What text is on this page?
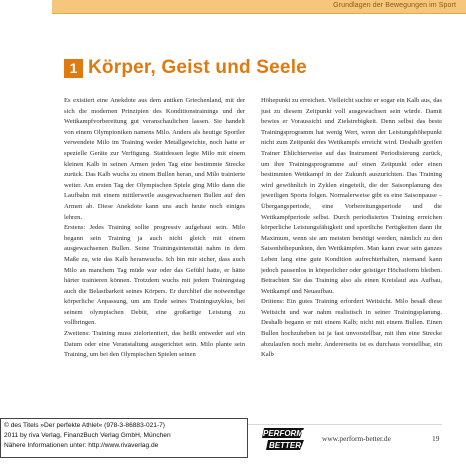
Grundlagen der Bewegungen im Sport
1 Körper, Geist und Seele

Es existiert eine Anekdote aus dem antiken Griechenland, mit der sich die modernen Prinzipien des Konditionstrainings und der Wettkampfvorbereitung gut veranschaulichen lassen. Sie handelt von einem Olympioniken namens Milo. Anders als heutige Sportler verwendete Milo im Training weder Metallgewichte, noch hatte er spezielle Geräte zur Verfügung. Stattdessen legte Milo mit einem kleinen Kalb in seinen Armen jeden Tag eine bestimmte Strecke zurück. Das Kalb wuchs zu einem Bullen heran, und Milo trainierte weiter. Am ersten Tag der Olympischen Spiele ging Milo dann die Laufbahn mit einem mittlerweile ausgewachsenen Bullen auf den Armen ab. Diese Anekdote kann uns auch heute noch einiges lehren.

Erstens: Jedes Training sollte progressiv aufgebaut sein. Milo begann sein Training ja auch nicht gleich mit einem ausgewachsenen Bullen. Seine Trainingsintensität nahm in dem Maße zu, wie das Kalb heranwuchs. Ich bin mir sicher, dass auch Milo an manchem Tag müde war oder das Gefühl hatte, er hätte härter trainieren können. Trotzdem wuchs mit jedem Trainingstag auch die Belastbarkeit seines Körpers. Er durchlief die notwendige körperliche Anpassung, um am Ende seines Trainingszyklus, bei seinem olympischen Debüt, eine großartige Leistung zu vollbringen.

Zweitens: Training muss zielorientiert, das heißt entweder auf ein Datum oder eine Veranstaltung ausgerichtet sein. Milo plante sein Training, um bei den Olympischen Spielen seinen

Höhepunkt zu erreichen. Vielleicht suchte er sogar ein Kalb aus, das just zu diesem Zeitpunkt voll ausgewachsen sein würde. Damit bewies er Voraussicht und Zielstrebigkeit. Denn selbst das beste Trainingsprogramm hat wenig Wert, wenn der Leistungshöhepunkt nicht zum Zeitpunkt des Wettkampfs erreicht wird. Deshalb greifen Trainer Ehlichterweise auf das Instrument Periodisierung zurück, um ihre Trainingsprogramme auf einen Zeitpunkt oder einen bestimmten Wettkampf in der Zukunft auszurichten. Das Training wird gewöhnlich in Zyklen eingeteilt, die der Saisonplanung des jeweiligen Sports folgen. Normalerweise gibt es eine Saisonpause – Übergangsperiode, eine Vorbereitungsperiode und die Wettkampfperiode selbst. Durch periodisiertes Training erreichen körperliche Leistungsfähigkeit und sportliche Fertigkeiten dann ihr Maximum, wenn sie am meisten benötigt werden, nämlich zu den Saisonhöhepunkten, den Wettkämpfen. Man kann zwar sein ganzes Leben lang eine gute Kondition aufrechterhalten, niemand kann jedoch pausenlos in körperlicher oder geistiger Höchstform bleiben. Betrachten Sie das Training also als einen Kreislauf aus Aufbau, Wettkampf und Neuaufbau.

Drittens: Ein gutes Training erfordert Weitsicht. Milo besaß diese Weitsicht und war nahm realistisch in seiner Trainingsplanung. Deshalb begann er mit einem Kalb; nicht mit einem Bullen. Einen Bullen hochzuheben ist ja fast unvorstellbar, mit ihm eine Strecke abzulaufen noch mehr. Andererseits ist es durchaus vorstellbar, ein Kalb

© des Titels »Der perfekte Athlet« (978-3-86883-021-7)
2011 by riva Verlag, FinanzBuch Verlag GmbH, München
Nähere Informationen unter: http://www.rivaverlag.de
PERFORM
BETTER
www.perform-better.de	19
